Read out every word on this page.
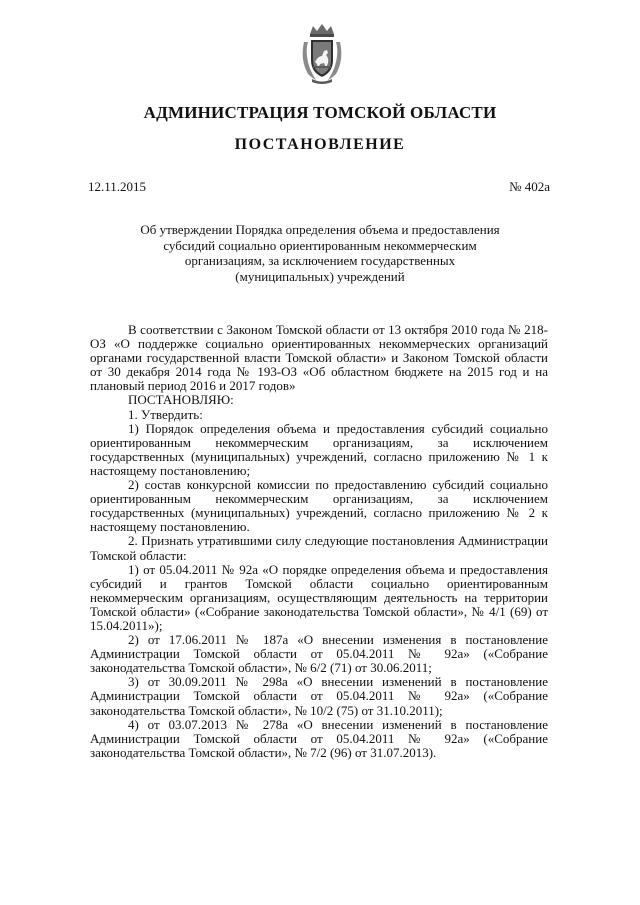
АДМИНИСТРАЦИЯ ТОМСКОЙ ОБЛАСТИ
ПОСТАНОВЛЕНИЕ
12.11.2015	№ 402а
Об утверждении Порядка определения объема и предоставления субсидий социально ориентированным некоммерческим организациям, за исключением государственных (муниципальных) учреждений

В соответствии с Законом Томской области от 13 октября 2010 года № 218-ОЗ «О поддержке социально ориентированных некоммерческих организаций органами государственной власти Томской области» и Законом Томской области от 30 декабря 2014 года № 193-ОЗ «Об областном бюджете на 2015 год и на плановый период 2016 и 2017 годов»

ПОСТАНОВЛЯЮ:

1. Утвердить:

1) Порядок определения объема и предоставления субсидий социально ориентированным некоммерческим организациям, за исключением государственных (муниципальных) учреждений, согласно приложению № 1 к настоящему постановлению;

2) состав конкурсной комиссии по предоставлению субсидий социально ориентированным некоммерческим организациям, за исключением государственных (муниципальных) учреждений, согласно приложению № 2 к настоящему постановлению.

2. Признать утратившими силу следующие постановления Администрации Томской области:

1) от 05.04.2011 № 92а «О порядке определения объема и предоставления субсидий и грантов Томской области социально ориентированным некоммерческим организациям, осуществляющим деятельность на территории Томской области» («Собрание законодательства Томской области», № 4/1 (69) от 15.04.2011»);

2) от 17.06.2011 № 187а «О внесении изменения в постановление Администрации Томской области от 05.04.2011 № 92а» («Собрание законодательства Томской области», № 6/2 (71) от 30.06.2011;

3) от 30.09.2011 № 298а «О внесении изменений в постановление Администрации Томской области от 05.04.2011 № 92а» («Собрание законодательства Томской области», № 10/2 (75) от 31.10.2011);

4) от 03.07.2013 № 278а «О внесении изменений в постановление Администрации Томской области от 05.04.2011 № 92а» («Собрание законодательства Томской области», № 7/2 (96) от 31.07.2013).
